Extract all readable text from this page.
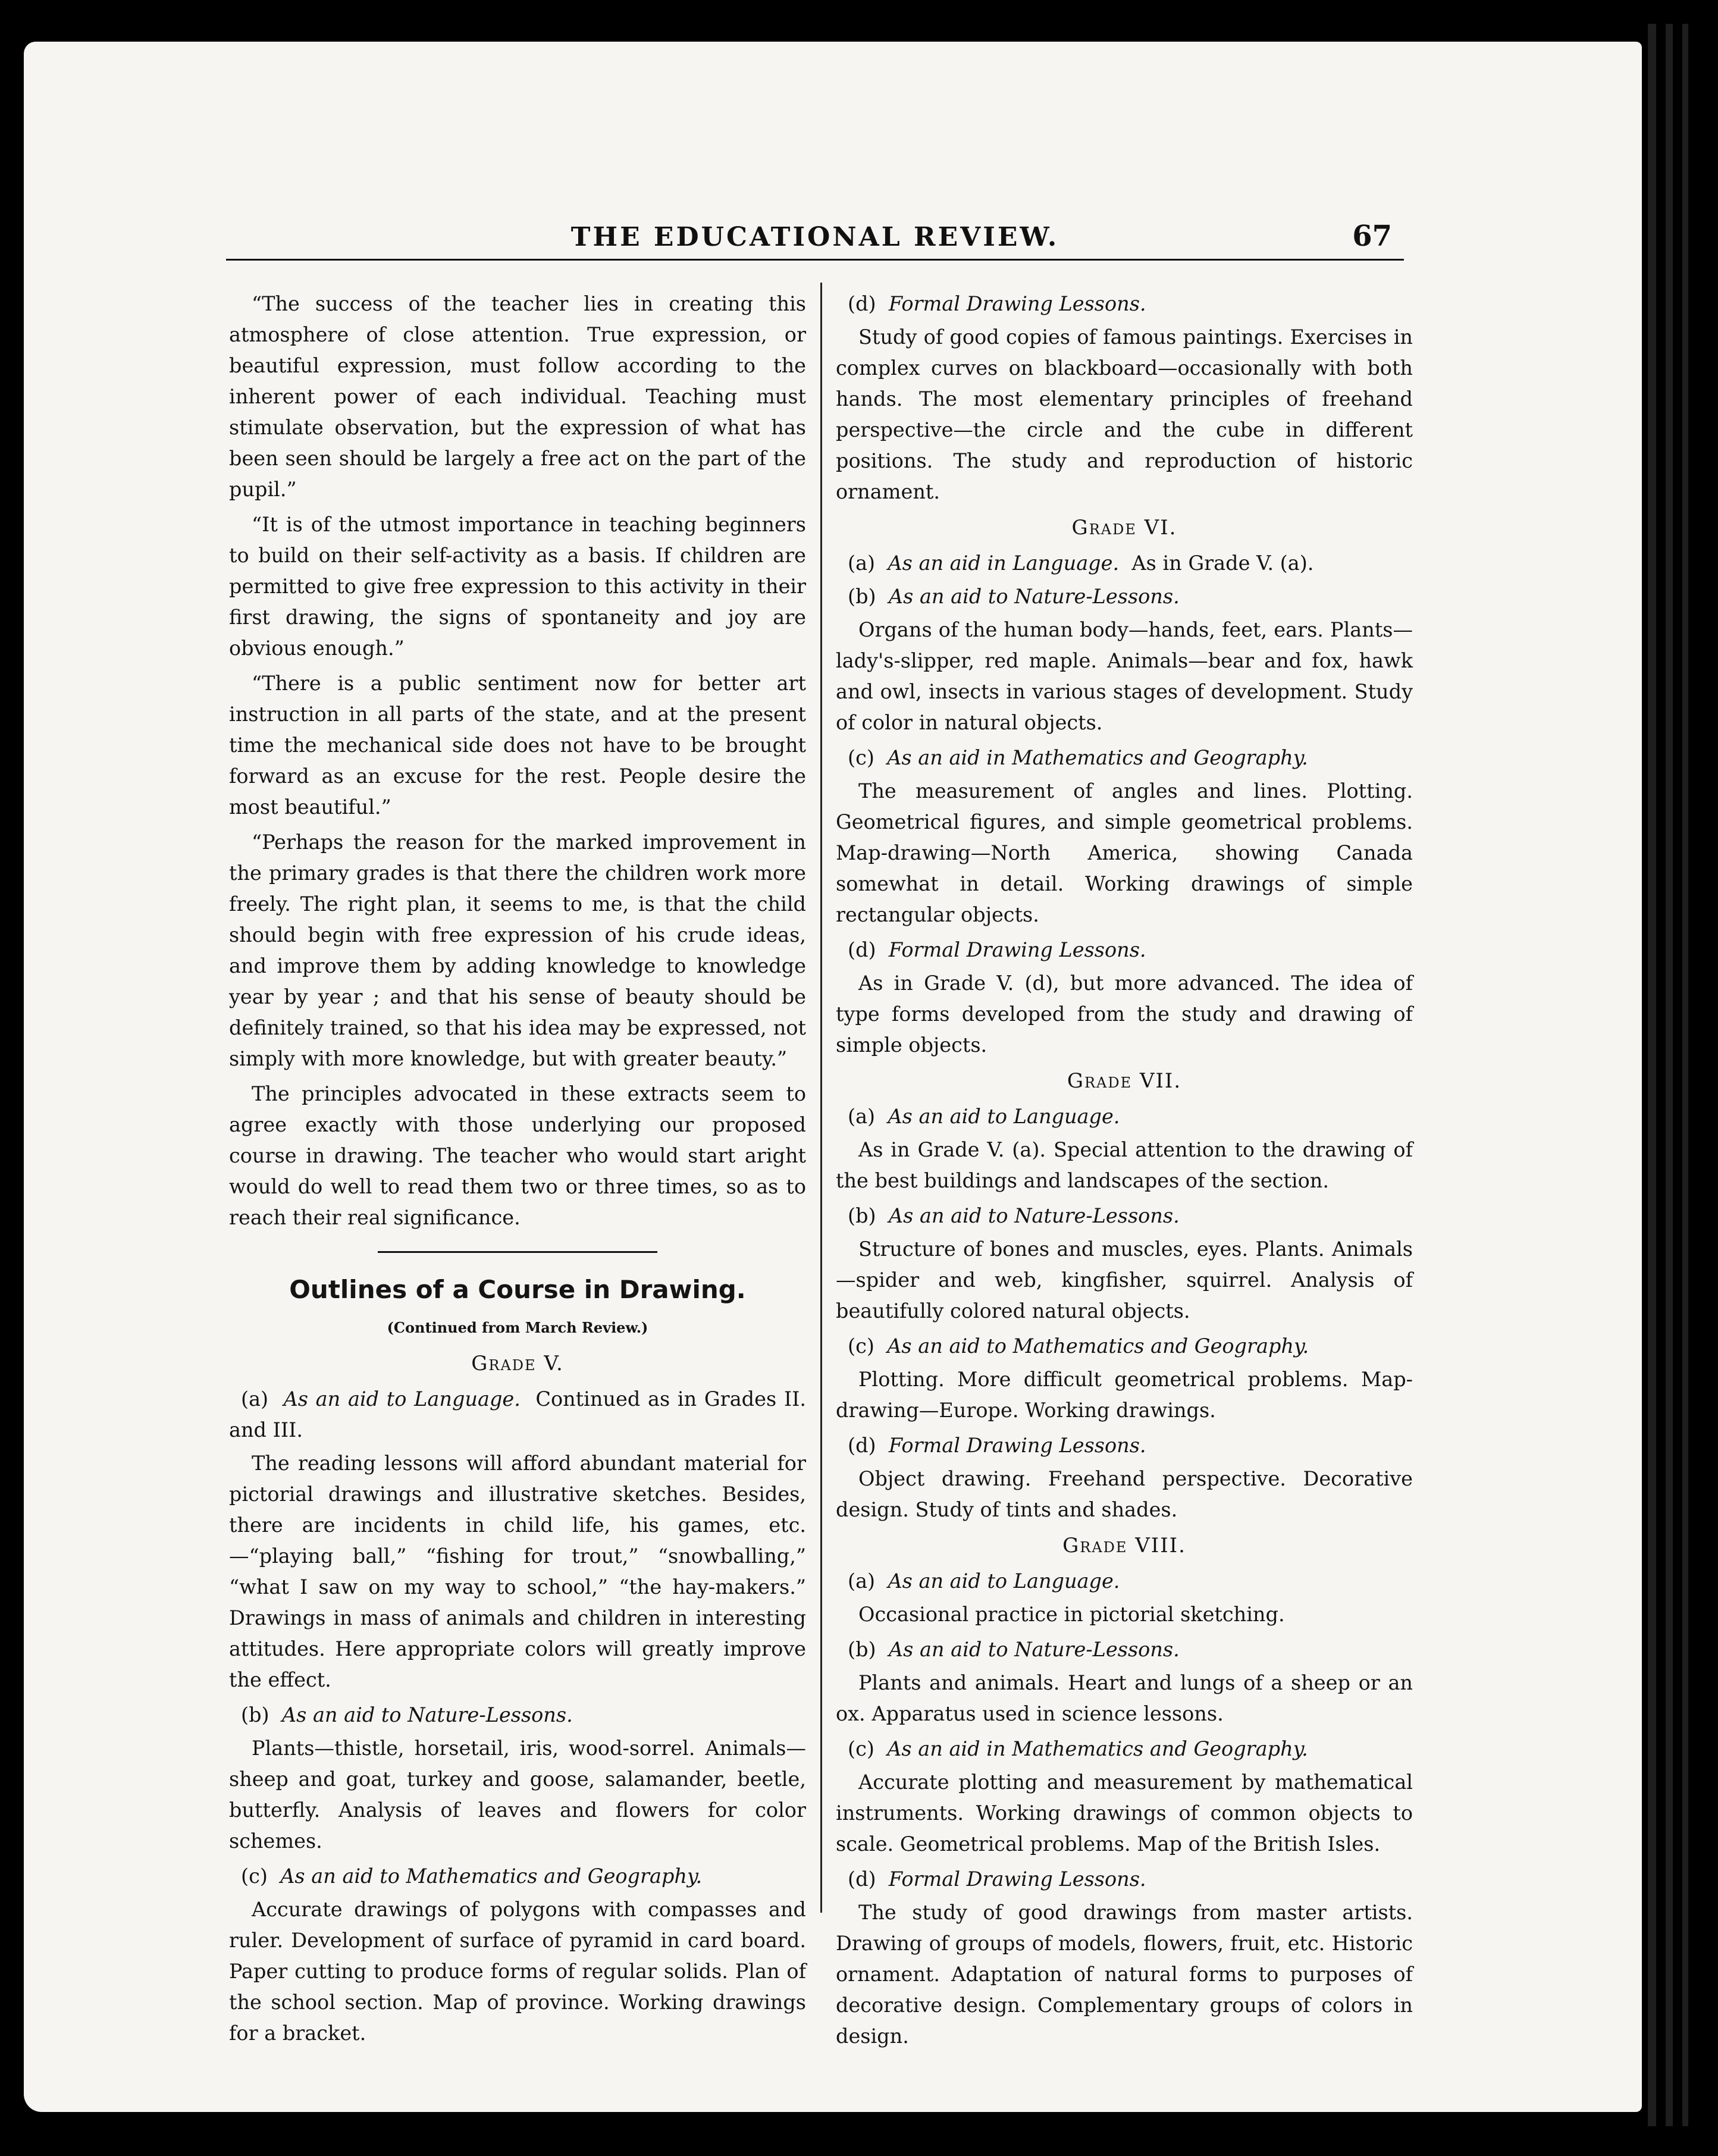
THE EDUCATIONAL REVIEW.	67

“The success of the teacher lies in creating this atmosphere of close attention. True expression, or beautiful expression, must follow according to the inherent power of each individual. Teaching must stimulate observation, but the expression of what has been seen should be largely a free act on the part of the pupil.”

“It is of the utmost importance in teaching beginners to build on their self-activity as a basis. If children are permitted to give free expression to this activity in their first drawing, the signs of spontaneity and joy are obvious enough.”

“There is a public sentiment now for better art instruction in all parts of the state, and at the present time the mechanical side does not have to be brought forward as an excuse for the rest. People desire the most beautiful.”

“Perhaps the reason for the marked improvement in the primary grades is that there the children work more freely. The right plan, it seems to me, is that the child should begin with free expression of his crude ideas, and improve them by adding knowledge to knowledge year by year ; and that his sense of beauty should be definitely trained, so that his idea may be expressed, not simply with more knowledge, but with greater beauty.”

The principles advocated in these extracts seem to agree exactly with those underlying our proposed course in drawing. The teacher who would start aright would do well to read them two or three times, so as to reach their real significance.

Outlines of a Course in Drawing.
(Continued from March Review.)
Grade V.

(a) As an aid to Language. Continued as in Grades II. and III.

The reading lessons will afford abundant material for pictorial drawings and illustrative sketches. Besides, there are incidents in child life, his games, etc.—“playing ball,” “fishing for trout,” “snowballing,” “what I saw on my way to school,” “the hay-makers.” Drawings in mass of animals and children in interesting attitudes. Here appropriate colors will greatly improve the effect.

(b) As an aid to Nature-Lessons.

Plants—thistle, horsetail, iris, wood-sorrel. Animals—sheep and goat, turkey and goose, salamander, beetle, butterfly. Analysis of leaves and flowers for color schemes.

(c) As an aid to Mathematics and Geography.

Accurate drawings of polygons with compasses and ruler. Development of surface of pyramid in card board. Paper cutting to produce forms of regular solids. Plan of the school section. Map of province. Working drawings for a bracket.

(d) Formal Drawing Lessons.

Study of good copies of famous paintings. Exercises in complex curves on blackboard—occasionally with both hands. The most elementary principles of freehand perspective—the circle and the cube in different positions. The study and reproduction of historic ornament.

Grade VI.

(a) As an aid in Language. As in Grade V. (a).

(b) As an aid to Nature-Lessons.

Organs of the human body—hands, feet, ears. Plants—lady's-slipper, red maple. Animals—bear and fox, hawk and owl, insects in various stages of development. Study of color in natural objects.

(c) As an aid in Mathematics and Geography.

The measurement of angles and lines. Plotting. Geometrical figures, and simple geometrical problems. Map-drawing—North America, showing Canada somewhat in detail. Working drawings of simple rectangular objects.

(d) Formal Drawing Lessons.

As in Grade V. (d), but more advanced. The idea of type forms developed from the study and drawing of simple objects.

Grade VII.

(a) As an aid to Language.

As in Grade V. (a). Special attention to the drawing of the best buildings and landscapes of the section.

(b) As an aid to Nature-Lessons.

Structure of bones and muscles, eyes. Plants. Animals—spider and web, kingfisher, squirrel. Analysis of beautifully colored natural objects.

(c) As an aid to Mathematics and Geography.

Plotting. More difficult geometrical problems. Map-drawing—Europe. Working drawings.

(d) Formal Drawing Lessons.

Object drawing. Freehand perspective. Decorative design. Study of tints and shades.

Grade VIII.

(a) As an aid to Language.

Occasional practice in pictorial sketching.

(b) As an aid to Nature-Lessons.

Plants and animals. Heart and lungs of a sheep or an ox. Apparatus used in science lessons.

(c) As an aid in Mathematics and Geography.

Accurate plotting and measurement by mathematical instruments. Working drawings of common objects to scale. Geometrical problems. Map of the British Isles.

(d) Formal Drawing Lessons.

The study of good drawings from master artists. Drawing of groups of models, flowers, fruit, etc. Historic ornament. Adaptation of natural forms to purposes of decorative design. Complementary groups of colors in design.
